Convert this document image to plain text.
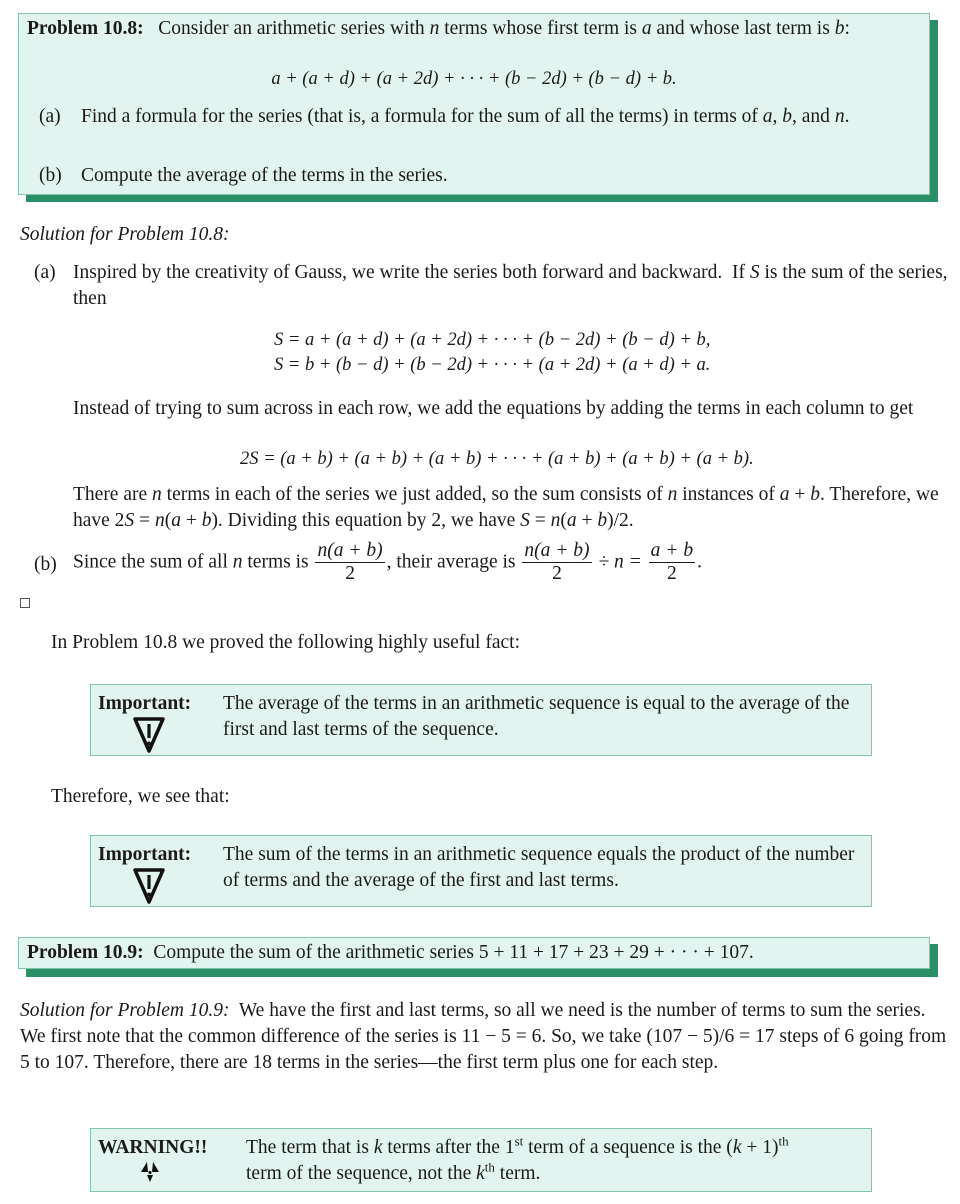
Problem 10.8:   Consider an arithmetic series with n terms whose first term is a and whose last term is b:
a + (a + d) + (a + 2d) + · · · + (b − 2d) + (b − d) + b.
(a) Find a formula for the series (that is, a formula for the sum of all the terms) in terms of a, b, and n.
(b) Compute the average of the terms in the series.
Solution for Problem 10.8:
(a) Inspired by the creativity of Gauss, we write the series both forward and backward.  If S is the sum of the series, then
S = a + (a + d) + (a + 2d) + · · · + (b − 2d) + (b − d) + b,
S = b + (b − d) + (b − 2d) + · · · + (a + 2d) + (a + d) + a.
Instead of trying to sum across in each row, we add the equations by adding the terms in each column to get
2S = (a + b) + (a + b) + (a + b) + · · · + (a + b) + (a + b) + (a + b).
There are n terms in each of the series we just added, so the sum consists of n instances of a + b. Therefore, we have 2S = n(a + b). Dividing this equation by 2, we have S = n(a + b)/2.
(b) Since the sum of all n terms is $\frac{n(a + b)}{2}$ , their average is $\frac{n(a + b)}{2} \div n = \frac{a + b}{2}$ .
In Problem 10.8 we proved the following highly useful fact:
Important: The average of the terms in an arithmetic sequence is equal to the average of the first and last terms of the sequence.
Therefore, we see that:
Important: The sum of the terms in an arithmetic sequence equals the product of the number of terms and the average of the first and last terms.
Problem 10.9: Compute the sum of the arithmetic series 5 + 11 + 17 + 23 + 29 + · · · + 107.
Solution for Problem 10.9: We have the first and last terms, so all we need is the number of terms to sum the series. We first note that the common difference of the series is 11 − 5 = 6. So, we take (107 − 5)/6 = 17 steps of 6 going from 5 to 107. Therefore, there are 18 terms in the series—the first term plus one for each step.
WARNING!! The term that is k terms after the 1st term of a sequence is the $(k + 1)^{th}$
term of the sequence, not the $k^{th}$ term.
